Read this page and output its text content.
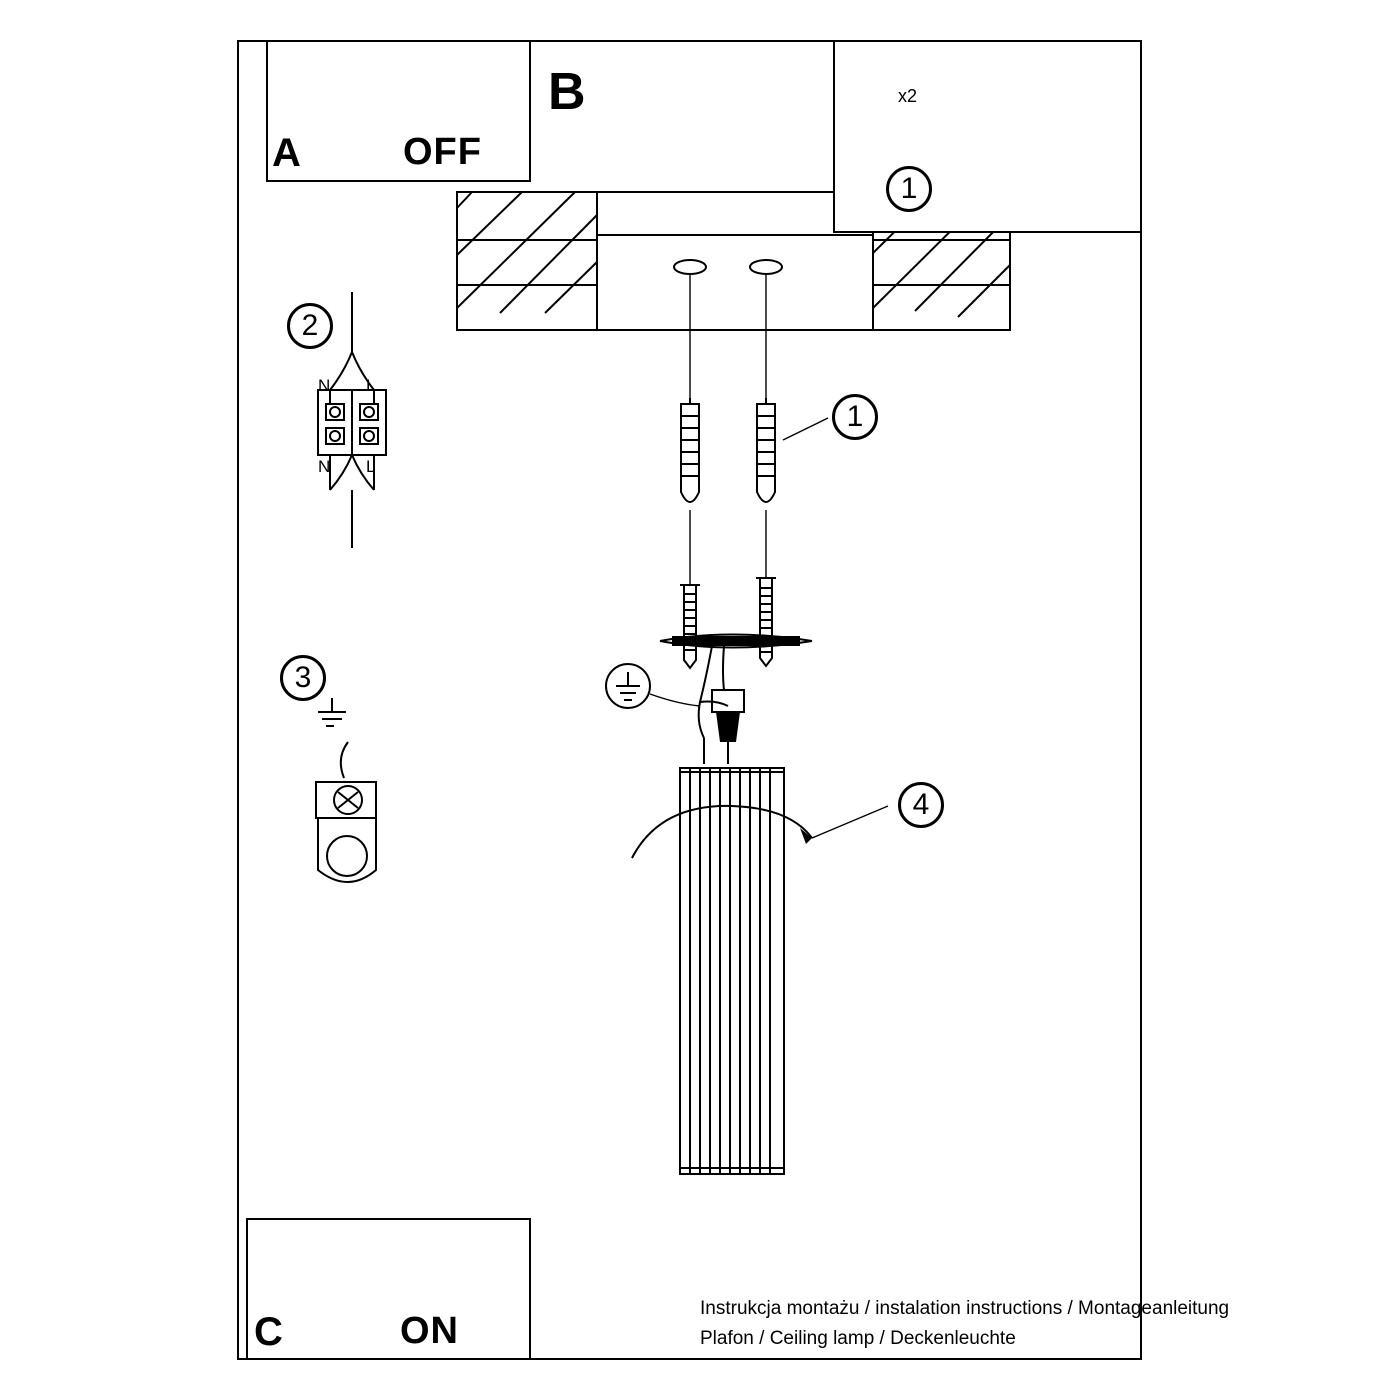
A
B
C
OFF
ON
1
2
3
1
4
x2
N L
N L
Instrukcja montażu / instalation instructions / Montageanleitung
Plafon / Ceiling lamp / Deckenleuchte
